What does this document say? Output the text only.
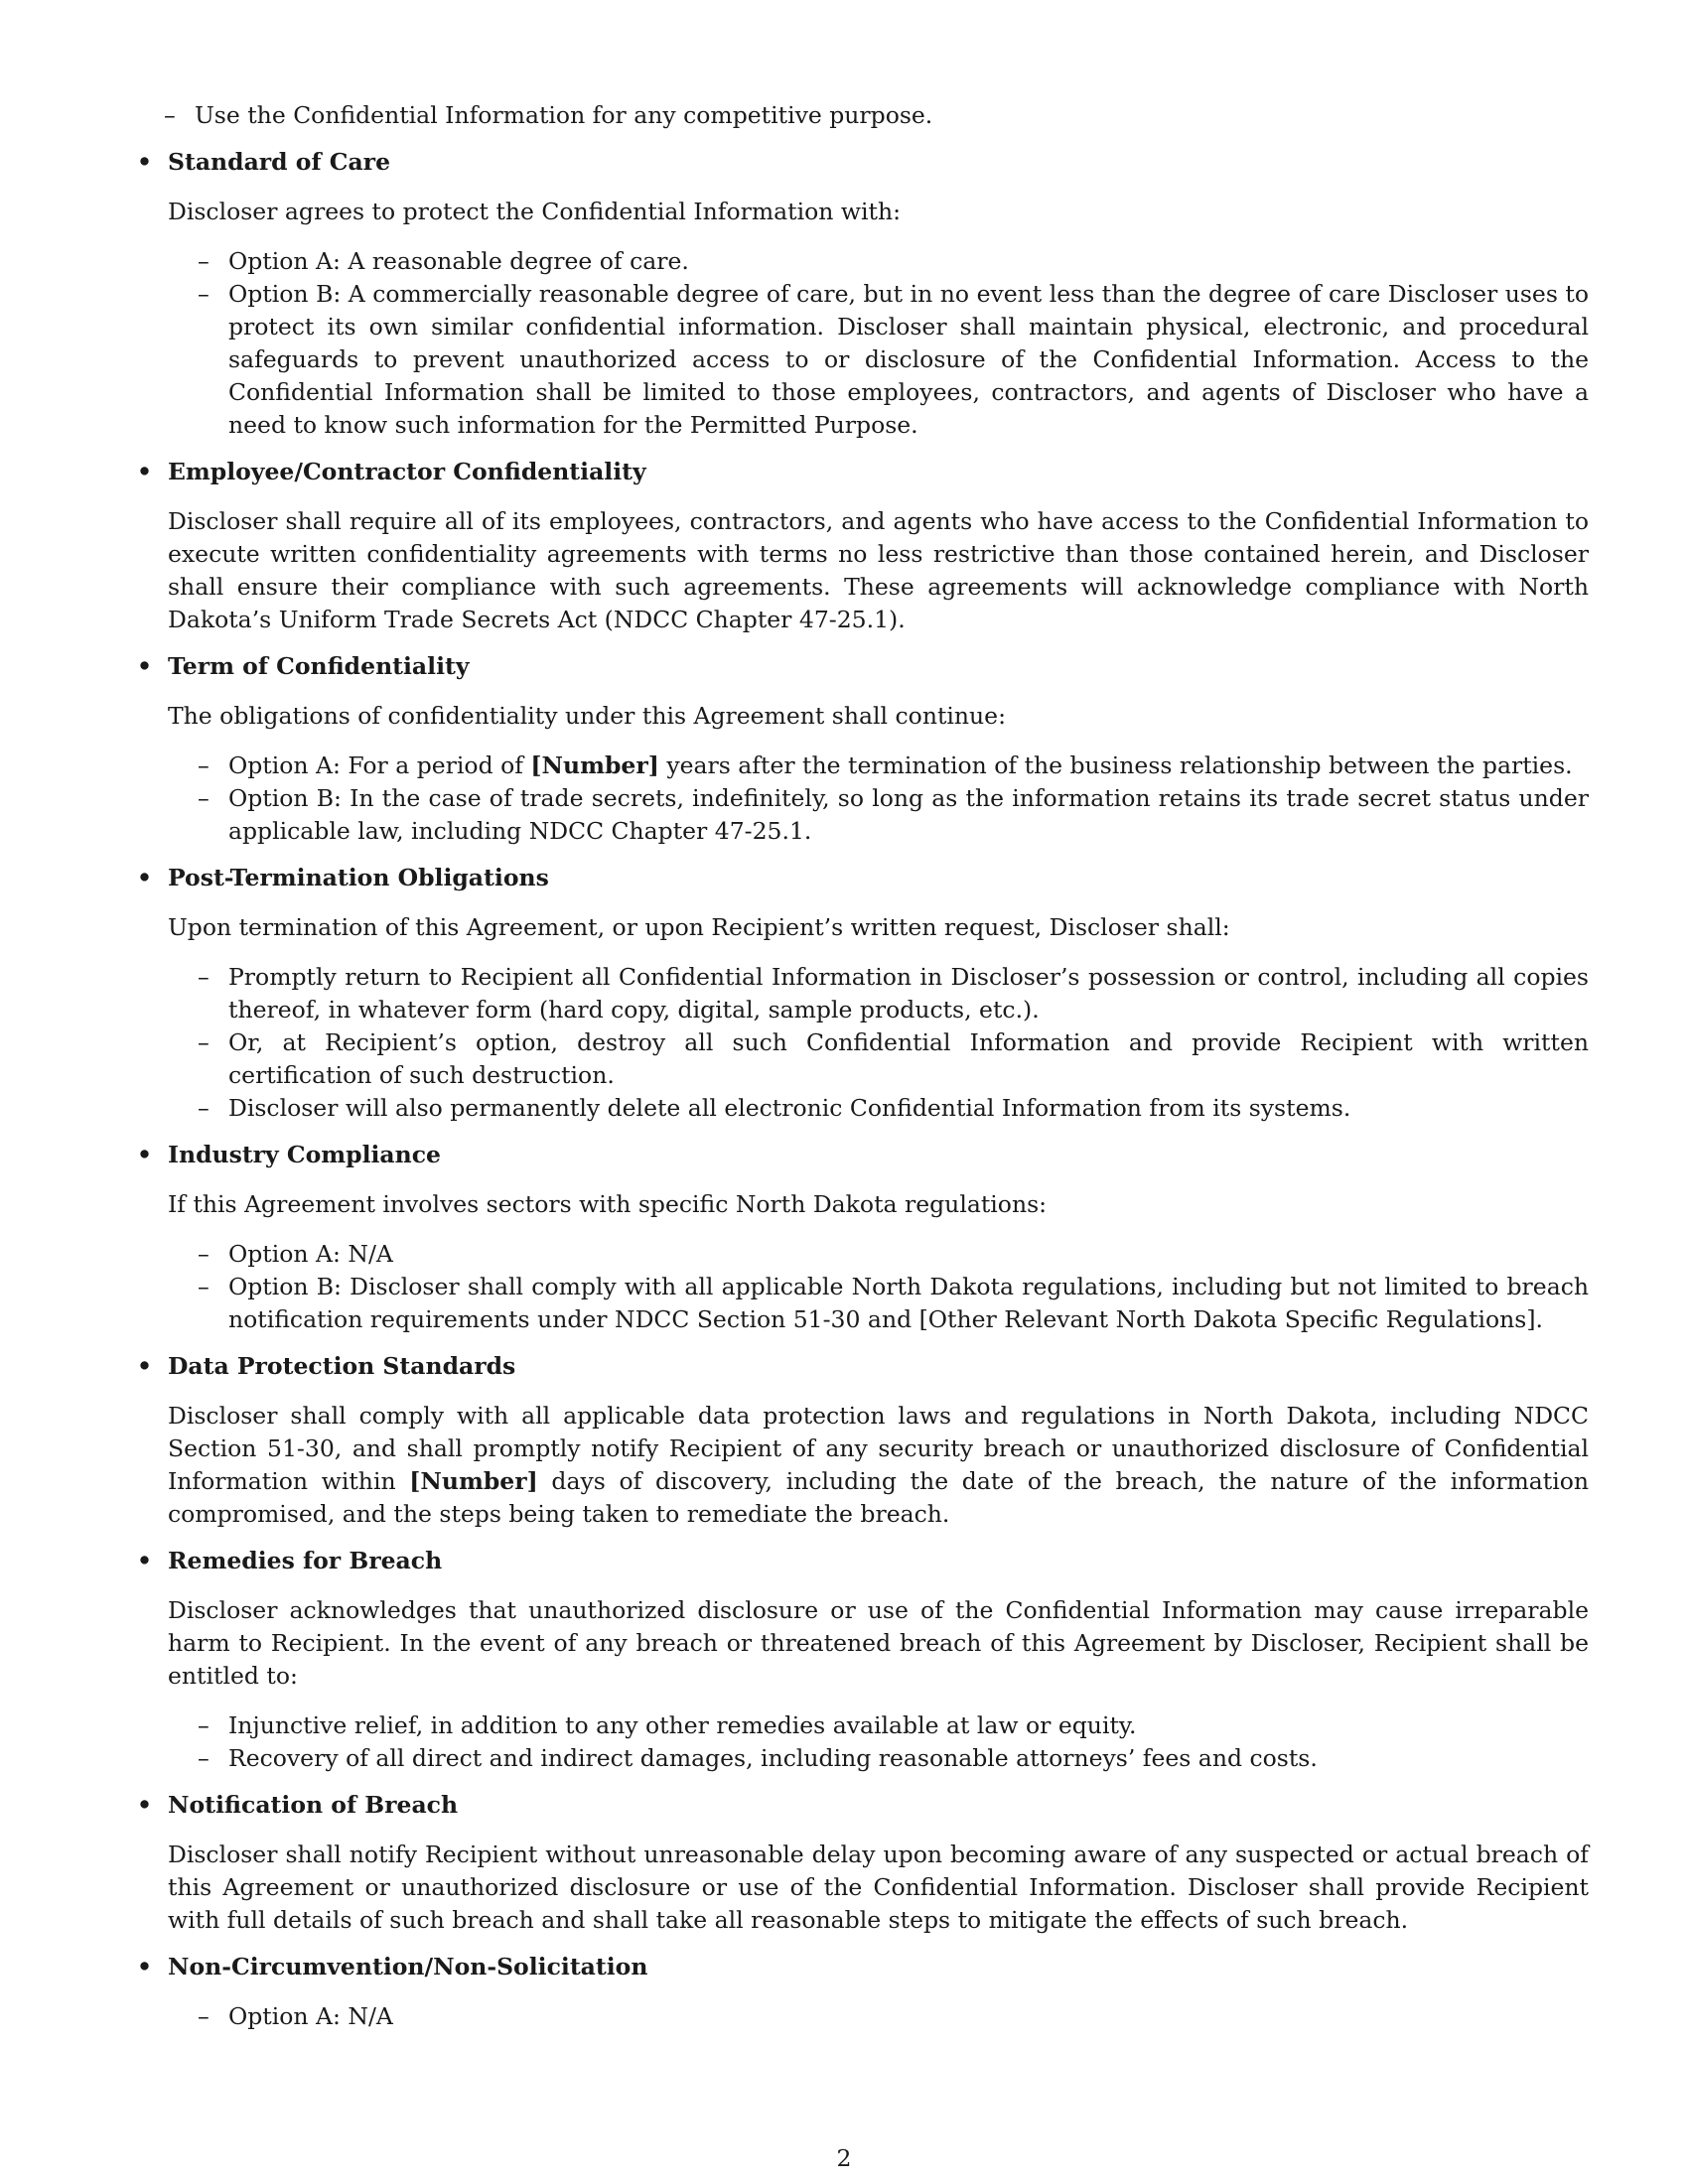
– Use the Confidential Information for any competitive purpose.

• Standard of Care

Discloser agrees to protect the Confidential Information with:

– Option A: A reasonable degree of care.
– Option B: A commercially reasonable degree of care, but in no event less than the degree of care Discloser uses to protect its own similar confidential information. Discloser shall maintain physical, electronic, and procedural safeguards to prevent unauthorized access to or disclosure of the Confidential Information. Access to the Confidential Information shall be limited to those employees, contractors, and agents of Discloser who have a need to know such information for the Permitted Purpose.

• Employee/Contractor Confidentiality

Discloser shall require all of its employees, contractors, and agents who have access to the Confidential Information to execute written confidentiality agreements with terms no less restrictive than those contained herein, and Discloser shall ensure their compliance with such agreements. These agreements will acknowledge compliance with North Dakota’s Uniform Trade Secrets Act (NDCC Chapter 47-25.1).

• Term of Confidentiality

The obligations of confidentiality under this Agreement shall continue:

– Option A: For a period of [Number] years after the termination of the business relationship between the parties.
– Option B: In the case of trade secrets, indefinitely, so long as the information retains its trade secret status under applicable law, including NDCC Chapter 47-25.1.

• Post-Termination Obligations

Upon termination of this Agreement, or upon Recipient’s written request, Discloser shall:

– Promptly return to Recipient all Confidential Information in Discloser’s possession or control, including all copies thereof, in whatever form (hard copy, digital, sample products, etc.).
– Or, at Recipient’s option, destroy all such Confidential Information and provide Recipient with written certification of such destruction.
– Discloser will also permanently delete all electronic Confidential Information from its systems.

• Industry Compliance

If this Agreement involves sectors with specific North Dakota regulations:

– Option A: N/A
– Option B: Discloser shall comply with all applicable North Dakota regulations, including but not limited to breach notification requirements under NDCC Section 51-30 and [Other Relevant North Dakota Specific Regulations].

• Data Protection Standards

Discloser shall comply with all applicable data protection laws and regulations in North Dakota, including NDCC Section 51-30, and shall promptly notify Recipient of any security breach or unauthorized disclosure of Confidential Information within [Number] days of discovery, including the date of the breach, the nature of the information compromised, and the steps being taken to remediate the breach.

• Remedies for Breach

Discloser acknowledges that unauthorized disclosure or use of the Confidential Information may cause irreparable harm to Recipient. In the event of any breach or threatened breach of this Agreement by Discloser, Recipient shall be entitled to:

– Injunctive relief, in addition to any other remedies available at law or equity.
– Recovery of all direct and indirect damages, including reasonable attorneys’ fees and costs.

• Notification of Breach

Discloser shall notify Recipient without unreasonable delay upon becoming aware of any suspected or actual breach of this Agreement or unauthorized disclosure or use of the Confidential Information. Discloser shall provide Recipient with full details of such breach and shall take all reasonable steps to mitigate the effects of such breach.

• Non-Circumvention/Non-Solicitation

– Option A: N/A
2
